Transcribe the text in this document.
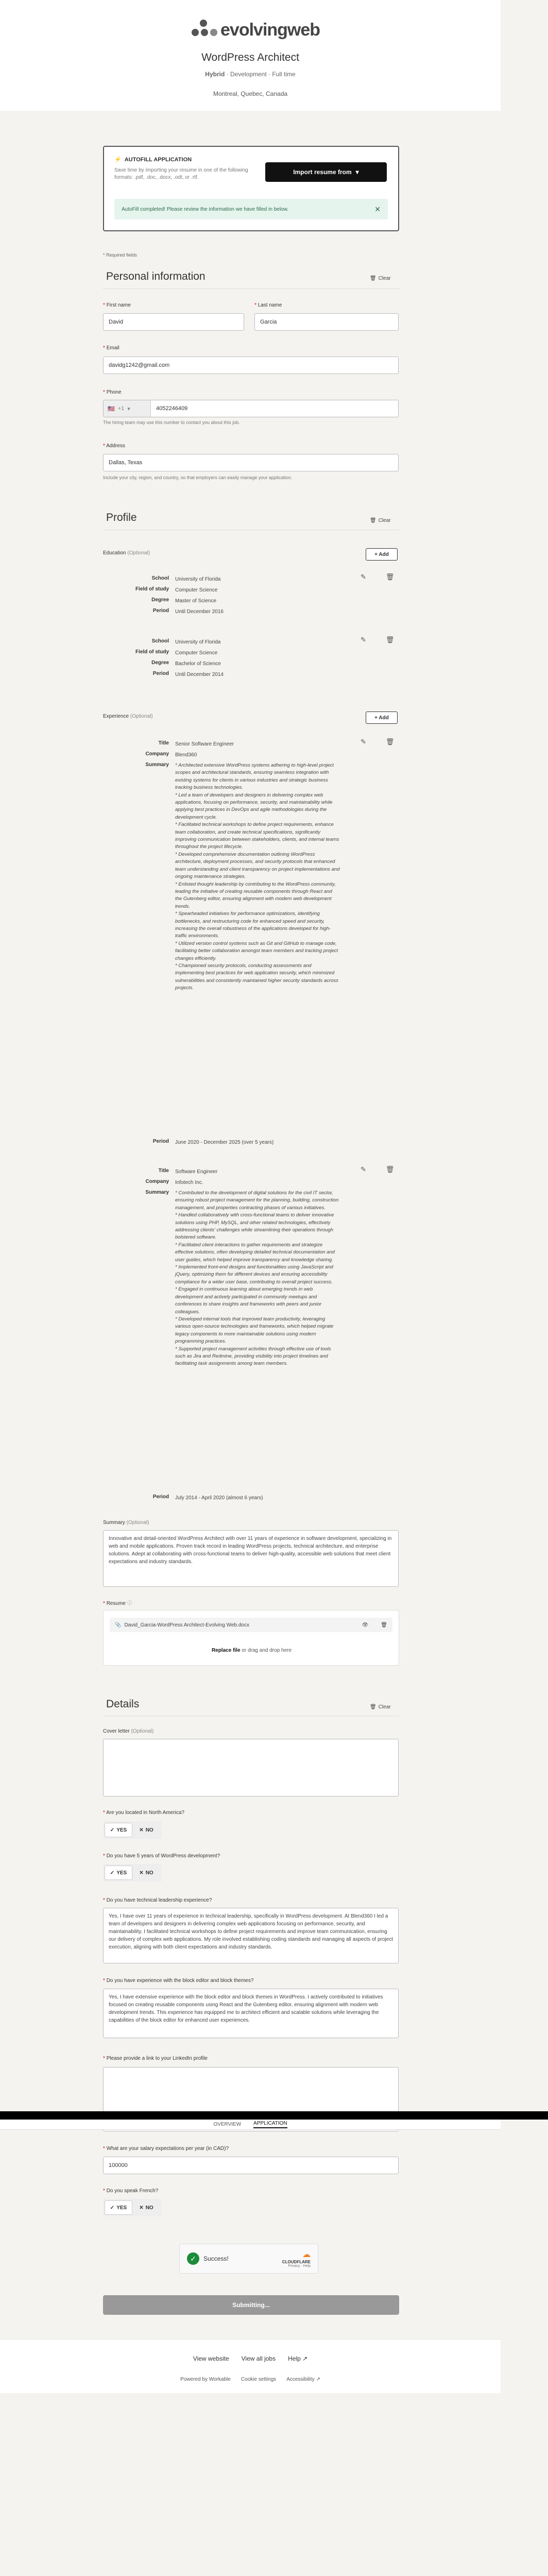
evolvingweb
WordPress Architect
Hybrid · Development · Full time
Montreal, Quebec, Canada
⚡ AUTOFILL APPLICATION
Save time by importing your resume in one of the following formats: .pdf, .doc, .docx, .odt, or .rtf.
Import resume from ▾
AutoFill completed! Please review the information we have filled in below.	✕
* Required fields
Personal information	🗑 Clear
* First name
David
* Last name
Garcia
* Email
davidg1242@gmail.com
* Phone
🇺🇸 +1 ▾	4052246409
The hiring team may use this number to contact you about this job.
* Address
Dallas, Texas
Include your city, region, and country, so that employers can easily manage your application.
Profile	🗑 Clear
Education (Optional)	+ Add
✎	🗑
School	University of Florida
Field of study	Computer Science
Degree	Master of Science
Period	Until December 2016
✎	🗑
School	University of Florida
Field of study	Computer Science
Degree	Bachelor of Science
Period	Until December 2014
Experience (Optional)	+ Add
✎	🗑
Title	Senior Software Engineer
Company	Blend360
Summary	* Architected extensive WordPress systems adhering to high-level project scopes and architectural standards, ensuring seamless integration with existing systems for clients in various industries and strategic business tracking business technologies.
* Led a team of developers and designers in delivering complex web applications, focusing on performance, security, and maintainability while applying best practices in DevOps and agile methodologies during the development cycle.
* Facilitated technical workshops to define project requirements, enhance team collaboration, and create technical specifications, significantly improving communication between stakeholders, clients, and internal teams throughout the project lifecycle.
* Developed comprehensive documentation outlining WordPress architecture, deployment processes, and security protocols that enhanced team understanding and client transparency on project implementations and ongoing maintenance strategies.
* Enlisted thought leadership by contributing to the WordPress community, leading the initiative of creating reusable components through React and the Gutenberg editor, ensuring alignment with modern web development trends.
* Spearheaded initiatives for performance optimizations, identifying bottlenecks, and restructuring code for enhanced speed and security, increasing the overall robustness of the applications developed for high-traffic environments.
* Utilized version control systems such as Git and GitHub to manage code, facilitating better collaboration amongst team members and tracking project changes efficiently.
* Championed security protocols, conducting assessments and implementing best practices for web application security, which minimized vulnerabilities and consistently maintained higher security standards across projects.
Period	June 2020 - December 2025 (over 5 years)
✎	🗑
Title	Software Engineer
Company	Infotech Inc.
Summary	* Contributed to the development of digital solutions for the civil IT sector, ensuring robust project management for the planning, building, construction management, and properties contracting phases of various initiatives.
* Handled collaboratively with cross-functional teams to deliver innovative solutions using PHP, MySQL, and other related technologies, effectively addressing clients' challenges while streamlining their operations through bolstered software.
* Facilitated client interactions to gather requirements and strategize effective solutions, often developing detailed technical documentation and user guides, which helped improve transparency and knowledge sharing.
* Implemented front-end designs and functionalities using JavaScript and jQuery, optimizing them for different devices and ensuring accessibility compliance for a wider user base, contributing to overall project success.
* Engaged in continuous learning about emerging trends in web development and actively participated in community meetups and conferences to share insights and frameworks with peers and junior colleagues.
* Developed internal tools that improved team productivity, leveraging various open-source technologies and frameworks, which helped migrate legacy components to more maintainable solutions using modern programming practices.
* Supported project management activities through effective use of tools such as Jira and Redmine, providing visibility into project timelines and facilitating task assignments among team members.
Period	July 2014 - April 2020 (almost 6 years)
Summary (Optional)
Innovative and detail-oriented WordPress Architect with over 11 years of experience in software development, specializing in web and mobile applications. Proven track record in leading WordPress projects, technical architecture, and enterprise solutions. Adept at collaborating with cross-functional teams to deliver high-quality, accessible web solutions that meet client expectations and industry standards.
* Resume ⓘ
📎 David_Garcia-WordPress Architect-Evolving Web.docx	👁 🗑
Replace file or drag and drop here
Details	🗑 Clear
Cover letter (Optional)
* Are you located in North America?
✓ YES ✕ NO
* Do you have 5 years of WordPress development?
✓ YES ✕ NO
* Do you have technical leadership experience?
Yes, I have over 11 years of experience in technical leadership, specifically in WordPress development. At Blend360 I led a team of developers and designers in delivering complex web applications focusing on performance, security, and maintainability. I facilitated technical workshops to define project requirements and improve team communication, ensuring our delivery of complex web applications. My role involved establishing coding standards and managing all aspects of project execution, aligning with both client expectations and industry standards.
* Do you have experience with the block editor and block themes?
Yes, I have extensive experience with the block editor and block themes in WordPress. I actively contributed to initiatives focused on creating reusable components using React and the Gutenberg editor, ensuring alignment with modern web development trends. This experience has equipped me to architect efficient and scalable solutions while leveraging the capabilities of the block editor for enhanced user experiences.
* Please provide a link to your LinkedIn profile
OVERVIEW APPLICATION
* What are your salary expectations per year (in CAD)?
100000
* Do you speak French?
✓ YES ✕ NO
✓	Success!	☁
CLOUDFLARE
Privacy · Help
Submitting...
View website View all jobs Help ↗
Powered by Workable Cookie settings Accessibility ↗
